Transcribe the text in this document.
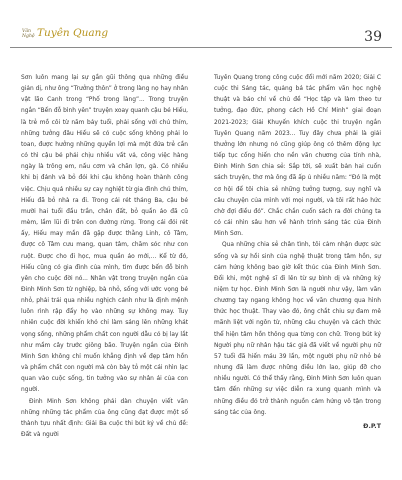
Văn Nghệ Tuyên Quang	39

Sơn luôn mang lại sự gần gũi thông qua những điều giản dị, như ông “Trưởng thôn” ở trong làng nọ hay nhân vật lão Canh trong “Phố trong làng”... Trong truyện ngắn “Bến đỗ bình yên” truyện xoay quanh cậu bé Hiếu, là trẻ mồ côi từ năm bảy tuổi, phải sống với chú thím, những tưởng đâu Hiếu sẽ có cuộc sống không phải lo toan, được hưởng những quyền lợi mà một đứa trẻ cần có thì cậu bé phải chịu nhiều vất vả, công việc hàng ngày là trông em, nấu cơm và chăn lợn, gà. Có nhiều khi bị đánh và bỏ đói khi cậu không hoàn thành công việc. Chịu quá nhiều sự cay nghiệt từ gia đình chú thím, Hiếu đã bỏ nhà ra đi. Trong cái rét tháng Ba, cậu bé mười hai tuổi đầu trần, chân đất, bỏ quần áo đã cũ mèm, lầm lũi đi trên con đường rừng. Trong cái đói rét ấy, Hiếu may mắn đã gặp được thằng Linh, cô Tâm, được cô Tâm cưu mang, quan tâm, chăm sóc như con ruột. Được cho đi học, mua quần áo mới,... Kể từ đó, Hiếu cũng có gia đình của mình, tìm được bến đỗ bình yên cho cuộc đời nó... Nhân vật trong truyện ngắn của Đinh Minh Sơn từ nghiệp, bà nhỏ, sống với ước vọng bé nhỏ, phải trải qua nhiều nghịch cảnh như là định mệnh luôn rình rập đẩy họ vào những sự không may. Tuy nhiên cuộc đời khiến khó chỉ làm sáng lên những khát vọng sống, những phẩm chất con người dẫu có bị lay lắt như mầm cây trước giông bão. Truyện ngắn của Đinh Minh Sơn không chỉ muốn khẳng định về đẹp tâm hồn và phẩm chất con người mà còn bày tỏ một cái nhìn lạc quan vào cuộc sống, tin tưởng vào sự nhân ái của con người.

Đinh Minh Sơn không phải dàn chuyện viết văn những những tác phẩm của ông cũng đạt được một số thành tựu nhất định: Giải Ba cuộc thi bút ký về chủ đề: Đất và người

Tuyên Quang trong công cuộc đổi mới năm 2020; Giải C cuộc thi Sáng tác, quảng bá tác phẩm văn học nghệ thuật và báo chí về chủ đề “Học tập và làm theo tư tưởng, đạo đức, phong cách Hồ Chí Minh” giai đoạn 2021-2023; Giải Khuyến khích cuộc thi truyện ngắn Tuyên Quang năm 2023... Tuy đây chưa phải là giải thưởng lớn nhưng nó cũng giúp ông có thêm động lực tiếp tục cống hiến cho nền văn chương của tỉnh nhà, Đinh Minh Sơn chia sẻ: Sắp tới, sẽ xuất bản hai cuốn sách truyện, thơ mà ông đã ấp ủ nhiều năm: “Đó là một cơ hội để tôi chia sẻ những tưởng tượng, suy nghĩ và câu chuyện của mình với mọi người, và tôi rất háo hức chờ đợi điều đó”. Chắc chắn cuốn sách ra đời chúng ta có cái nhìn sâu hơn về hành trình sáng tác của Đinh Minh Sơn.

Qua những chia sẻ chân tình, tôi cảm nhận được sức sống và sự hồi sinh của nghệ thuật trong tâm hồn, sự cảm hứng không bao giờ kết thúc của Đinh Minh Sơn. Đối khi, một nghệ sĩ đi lên từ sự bình dị và những kỷ niệm tự học. Đinh Minh Sơn là người như vậy, làm văn chương tay ngang không học về văn chương qua hình thức học thuật. Thay vào đó, ông chắt chiu sự đam mê mãnh liệt với ngôn từ, những câu chuyện và cách thức thể hiện tâm hồn thông qua từng con chữ. Trong bút ký Người phụ nữ nhân hậu tác giả đã viết về người phụ nữ 57 tuổi đã hiến máu 39 lần, một người phụ nữ nhỏ bé nhưng đã làm được những điều lớn lao, giúp đỡ cho nhiều người. Có thể thấy rằng, Đinh Minh Sơn luôn quan tâm đến những sự việc diễn ra xung quanh mình và những điều đó trở thành nguồn cảm hứng vô tận trong sáng tác của ông.

Đ.P.T
